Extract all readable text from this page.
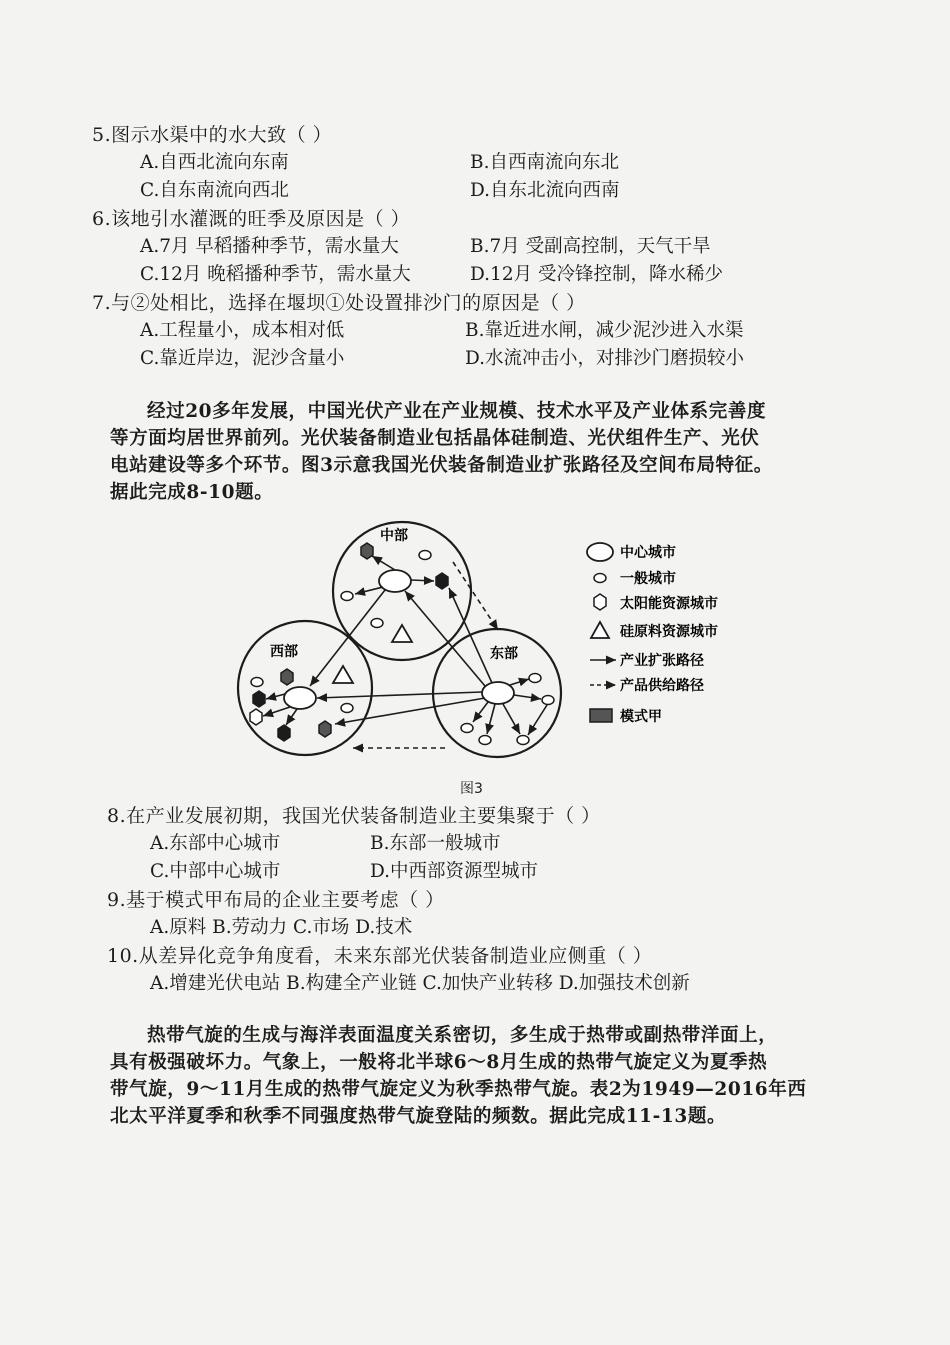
5.图示水渠中的水大致（ ）
A.自西北流向东南	B.自西南流向东北
C.自东南流向西北	D.自东北流向西南
6.该地引水灌溉的旺季及原因是（ ）
A.7月 早稻播种季节，需水量大	B.7月 受副高控制，天气干旱
C.12月 晚稻播种季节，需水量大	D.12月 受冷锋控制，降水稀少
7.与②处相比，选择在堰坝①处设置排沙门的原因是（ ）
A.工程量小，成本相对低	B.靠近进水闸，减少泥沙进入水渠
C.靠近岸边，泥沙含量小	D.水流冲击小，对排沙门磨损较小

经过20多年发展，中国光伏产业在产业规模、技术水平及产业体系完善度

等方面均居世界前列。光伏装备制造业包括晶体硅制造、光伏组件生产、光伏
电站建设等多个环节。图3示意我国光伏装备制造业扩张路径及空间布局特征。
据此完成8-10题。
中部
西部	东部
中心城市
一般城市
太阳能资源城市
硅原料资源城市
产业扩张路径
产品供给路径
模式甲
图3
8.在产业发展初期，我国光伏装备制造业主要集聚于（ ）
A.东部中心城市	B.东部一般城市
C.中部中心城市	D.中西部资源型城市
9.基于模式甲布局的企业主要考虑（ ）
A.原料 B.劳动力 C.市场 D.技术
10.从差异化竞争角度看，未来东部光伏装备制造业应侧重（ ）
A.增建光伏电站 B.构建全产业链 C.加快产业转移 D.加强技术创新

热带气旋的生成与海洋表面温度关系密切，多生成于热带或副热带洋面上，

具有极强破坏力。气象上，一般将北半球6～8月生成的热带气旋定义为夏季热
带气旋，9～11月生成的热带气旋定义为秋季热带气旋。表2为1949—2016年西
北太平洋夏季和秋季不同强度热带气旋登陆的频数。据此完成11-13题。
